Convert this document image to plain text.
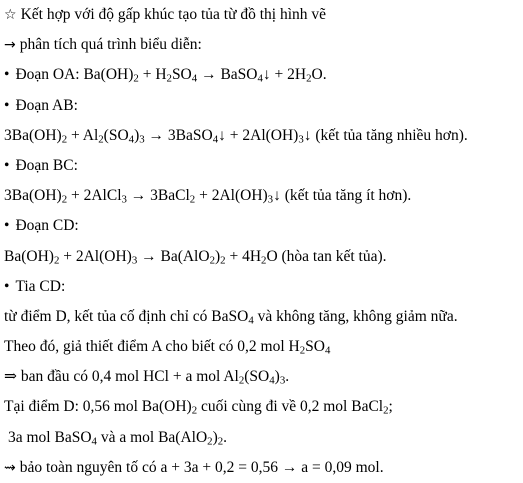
☆ Kết hợp với độ gấp khúc tạo tủa từ đồ thị hình vẽ
→ phân tích quá trình biểu diễn:
• Đoạn OA: $Ba(OH)_2 + H_2SO_4$ → BaSO$_4$↓ + $2H_2O$.
• Đoạn AB:
$3Ba(OH)_2 + Al_2(SO_4)_3$ → 3BaSO$_4$↓ + $2Al(OH)_3↓$ (kết tủa tăng nhiều hơn).
• Đoạn BC:
$3Ba(OH)_2$ + 2AlCl$_3$ → 3BaCl$_2$ + $2Al(OH)_3↓$ (kết tủa tăng ít hơn).
• Đoạn CD:
$Ba(OH)_2 + 2Al(OH)_3 \to Ba(AlO_2)_2 + 4H_2O$ (hòa tan kết tủa).
• Tia CD:
từ điểm D, kết tủa cố định chỉ có BaSO$_4$ và không tăng, không giảm nữa.
Theo đó, giả thiết điểm A cho biết có 0,2 mol $H_2SO_4$
⇒ ban đầu có 0,4 mol HCl + a mol $Al_2(SO_4)_3$.
Tại điểm D: 0,56 mol $Ba(OH)_2$ cuối cùng đi về 0,2 mol BaCl$_2$;
3a mol BaSO$_4$ và a mol $Ba(AlO_2)_2$.
⇝ bảo toàn nguyên tố có a + 3a + 0,2 = 0,56 → a = 0,09 mol.
